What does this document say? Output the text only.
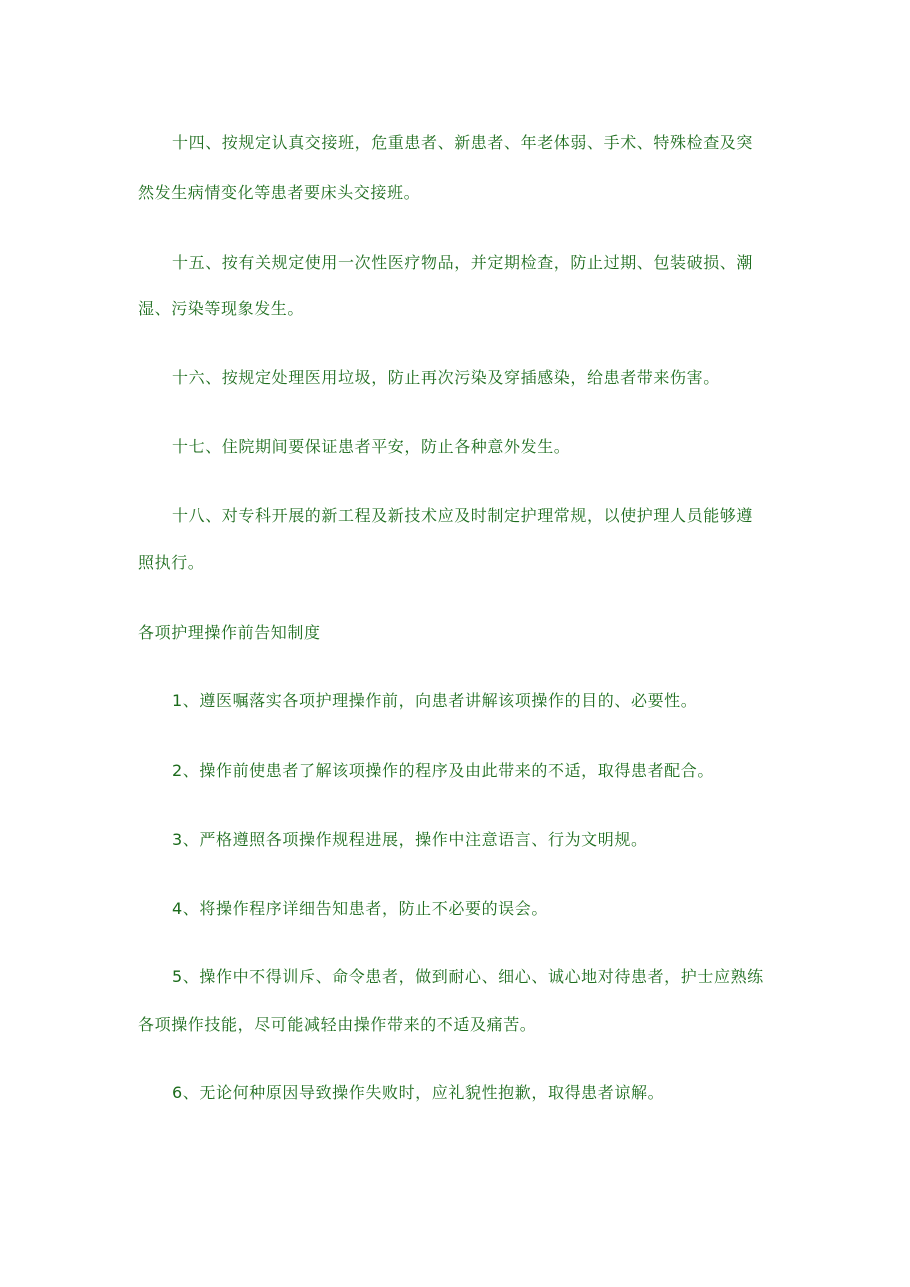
十四、按规定认真交接班，危重患者、新患者、年老体弱、手术、特殊检查及突
然发生病情变化等患者要床头交接班。
十五、按有关规定使用一次性医疗物品，并定期检查，防止过期、包装破损、潮
湿、污染等现象发生。
十六、按规定处理医用垃圾，防止再次污染及穿插感染，给患者带来伤害。
十七、住院期间要保证患者平安，防止各种意外发生。
十八、对专科开展的新工程及新技术应及时制定护理常规，以使护理人员能够遵
照执行。
各项护理操作前告知制度
1、遵医嘱落实各项护理操作前，向患者讲解该项操作的目的、必要性。
2、操作前使患者了解该项操作的程序及由此带来的不适，取得患者配合。
3、严格遵照各项操作规程进展，操作中注意语言、行为文明规。
4、将操作程序详细告知患者，防止不必要的误会。
5、操作中不得训斥、命令患者，做到耐心、细心、诚心地对待患者，护士应熟练
各项操作技能，尽可能减轻由操作带来的不适及痛苦。
6、无论何种原因导致操作失败时，应礼貌性抱歉，取得患者谅解。
